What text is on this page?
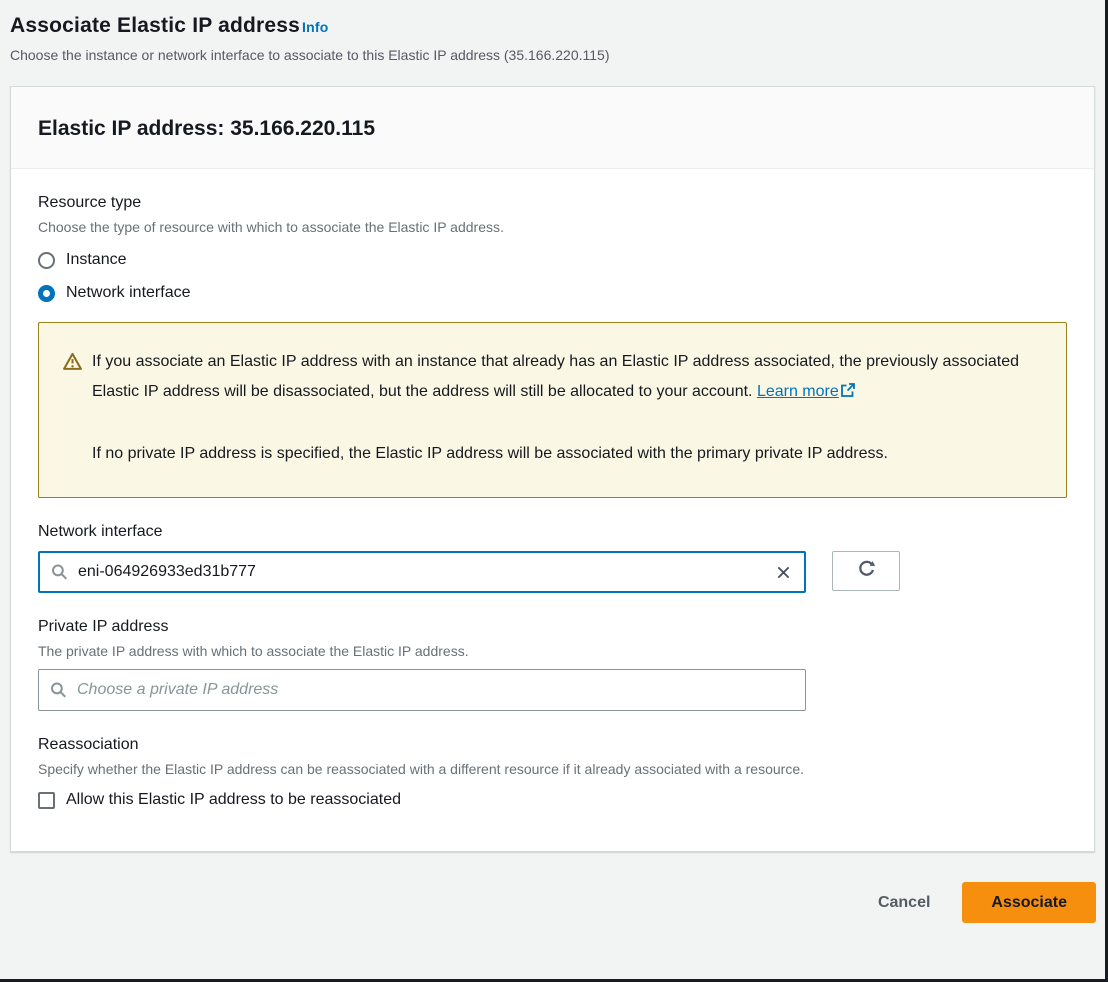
Associate Elastic IP address Info
Choose the instance or network interface to associate to this Elastic IP address (35.166.220.115)
Elastic IP address: 35.166.220.115
Resource type
Choose the type of resource with which to associate the Elastic IP address.
Instance
Network interface
If you associate an Elastic IP address with an instance that already has an Elastic IP address associated, the previously associated Elastic IP address will be disassociated, but the address will still be allocated to your account. Learn more
If no private IP address is specified, the Elastic IP address will be associated with the primary private IP address.
Network interface
eni-064926933ed31b777
Private IP address
The private IP address with which to associate the Elastic IP address.
Choose a private IP address
Reassociation
Specify whether the Elastic IP address can be reassociated with a different resource if it already associated with a resource.
Allow this Elastic IP address to be reassociated
Cancel	Associate
